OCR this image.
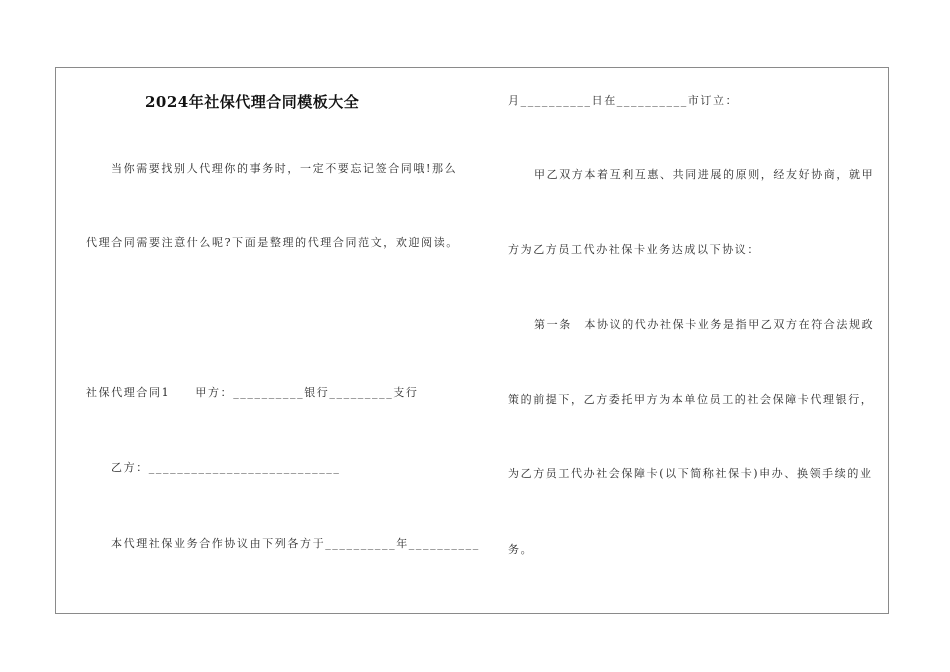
2024年社保代理合同模板大全
当你需要找别人代理你的事务时，一定不要忘记签合同哦!那么
代理合同需要注意什么呢?下面是整理的代理合同范文，欢迎阅读。
社保代理合同1　　甲方：__________银行_________支行
乙方：___________________________
本代理社保业务合作协议由下列各方于__________年__________
月__________日在__________市订立：
甲乙双方本着互利互惠、共同进展的原则，经友好协商，就甲
方为乙方员工代办社保卡业务达成以下协议：
第一条　本协议的代办社保卡业务是指甲乙双方在符合法规政
策的前提下，乙方委托甲方为本单位员工的社会保障卡代理银行，
为乙方员工代办社会保障卡(以下简称社保卡)申办、换领手续的业
务。
